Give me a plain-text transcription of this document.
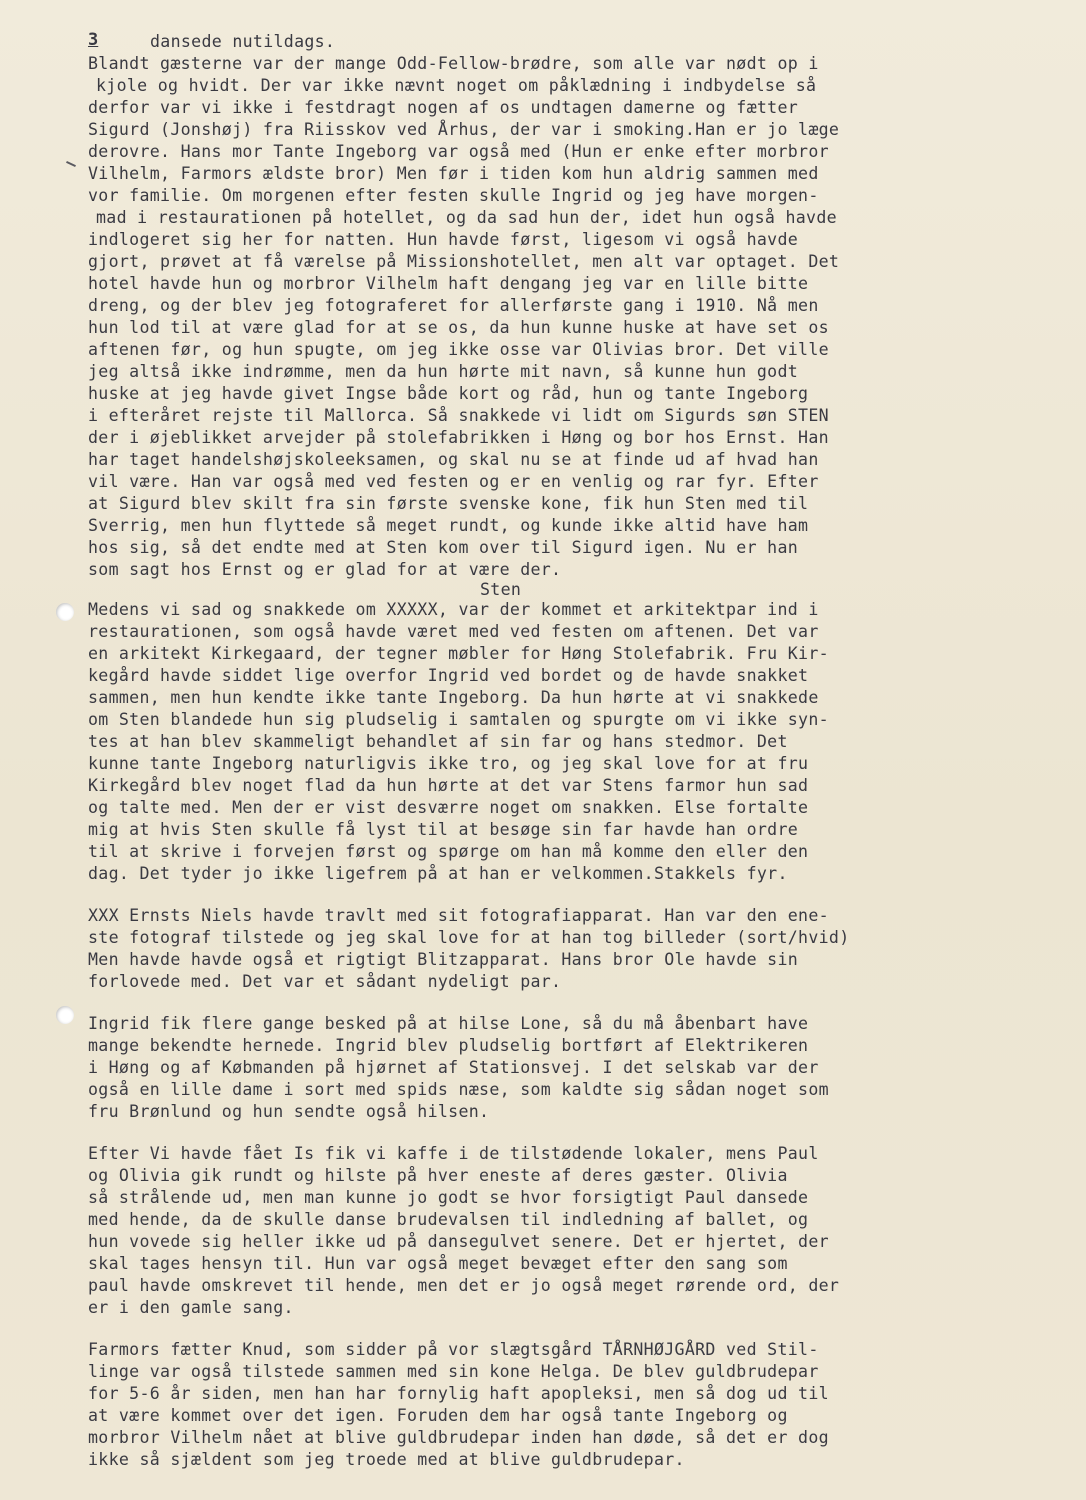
3	dansede nutildags.
Blandt gæsterne var der mange Odd-Fellow-brødre, som alle var nødt op i
kjole og hvidt. Der var ikke nævnt noget om påklædning i indbydelse så
derfor var vi ikke i festdragt nogen af os undtagen damerne og fætter
Sigurd (Jonshøj) fra Riisskov ved Århus, der var i smoking.Han er jo læge
derovre. Hans mor Tante Ingeborg var også med (Hun er enke efter morbror
Vilhelm, Farmors ældste bror) Men før i tiden kom hun aldrig sammen med
vor familie. Om morgenen efter festen skulle Ingrid og jeg have morgen-
mad i restaurationen på hotellet, og da sad hun der, idet hun også havde
indlogeret sig her for natten. Hun havde først, ligesom vi også havde
gjort, prøvet at få værelse på Missionshotellet, men alt var optaget. Det
hotel havde hun og morbror Vilhelm haft dengang jeg var en lille bitte
dreng, og der blev jeg fotograferet for allerførste gang i 1910. Nå men
hun lod til at være glad for at se os, da hun kunne huske at have set os
aftenen før, og hun spugte, om jeg ikke osse var Olivias bror. Det ville
jeg altså ikke indrømme, men da hun hørte mit navn, så kunne hun godt
huske at jeg havde givet Ingse både kort og råd, hun og tante Ingeborg
i efteråret rejste til Mallorca. Så snakkede vi lidt om Sigurds søn STEN
der i øjeblikket arvejder på stolefabrikken i Høng og bor hos Ernst. Han
har taget handelshøjskoleeksamen, og skal nu se at finde ud af hvad han
vil være. Han var også med ved festen og er en venlig og rar fyr. Efter
at Sigurd blev skilt fra sin første svenske kone, fik hun Sten med til
Sverrig, men hun flyttede så meget rundt, og kunde ikke altid have ham
hos sig, så det endte med at Sten kom over til Sigurd igen. Nu er han
som sagt hos Ernst og er glad for at være der.
Sten
Medens vi sad og snakkede om XXXXX, var der kommet et arkitektpar ind i
restaurationen, som også havde været med ved festen om aftenen. Det var
en arkitekt Kirkegaard, der tegner møbler for Høng Stolefabrik. Fru Kir-
kegård havde siddet lige overfor Ingrid ved bordet og de havde snakket
sammen, men hun kendte ikke tante Ingeborg. Da hun hørte at vi snakkede
om Sten blandede hun sig pludselig i samtalen og spurgte om vi ikke syn-
tes at han blev skammeligt behandlet af sin far og hans stedmor. Det
kunne tante Ingeborg naturligvis ikke tro, og jeg skal love for at fru
Kirkegård blev noget flad da hun hørte at det var Stens farmor hun sad
og talte med. Men der er vist desværre noget om snakken. Else fortalte
mig at hvis Sten skulle få lyst til at besøge sin far havde han ordre
til at skrive i forvejen først og spørge om han må komme den eller den
dag. Det tyder jo ikke ligefrem på at han er velkommen.Stakkels fyr.
XXX Ernsts Niels havde travlt med sit fotografiapparat. Han var den ene-
ste fotograf tilstede og jeg skal love for at han tog billeder (sort/hvid)
Men havde havde også et rigtigt Blitzapparat. Hans bror Ole havde sin
forlovede med. Det var et sådant nydeligt par.
Ingrid fik flere gange besked på at hilse Lone, så du må åbenbart have
mange bekendte hernede. Ingrid blev pludselig bortført af Elektrikeren
i Høng og af Købmanden på hjørnet af Stationsvej. I det selskab var der
også en lille dame i sort med spids næse, som kaldte sig sådan noget som
fru Brønlund og hun sendte også hilsen.
Efter Vi havde fået Is fik vi kaffe i de tilstødende lokaler, mens Paul
og Olivia gik rundt og hilste på hver eneste af deres gæster. Olivia
så strålende ud, men man kunne jo godt se hvor forsigtigt Paul dansede
med hende, da de skulle danse brudevalsen til indledning af ballet, og
hun vovede sig heller ikke ud på dansegulvet senere. Det er hjertet, der
skal tages hensyn til. Hun var også meget bevæget efter den sang som
paul havde omskrevet til hende, men det er jo også meget rørende ord, der
er i den gamle sang.
Farmors fætter Knud, som sidder på vor slægtsgård TÅRNHØJGÅRD ved Stil-
linge var også tilstede sammen med sin kone Helga. De blev guldbrudepar
for 5-6 år siden, men han har fornylig haft apopleksi, men så dog ud til
at være kommet over det igen. Foruden dem har også tante Ingeborg og
morbror Vilhelm nået at blive guldbrudepar inden han døde, så det er dog
ikke så sjældent som jeg troede med at blive guldbrudepar.
